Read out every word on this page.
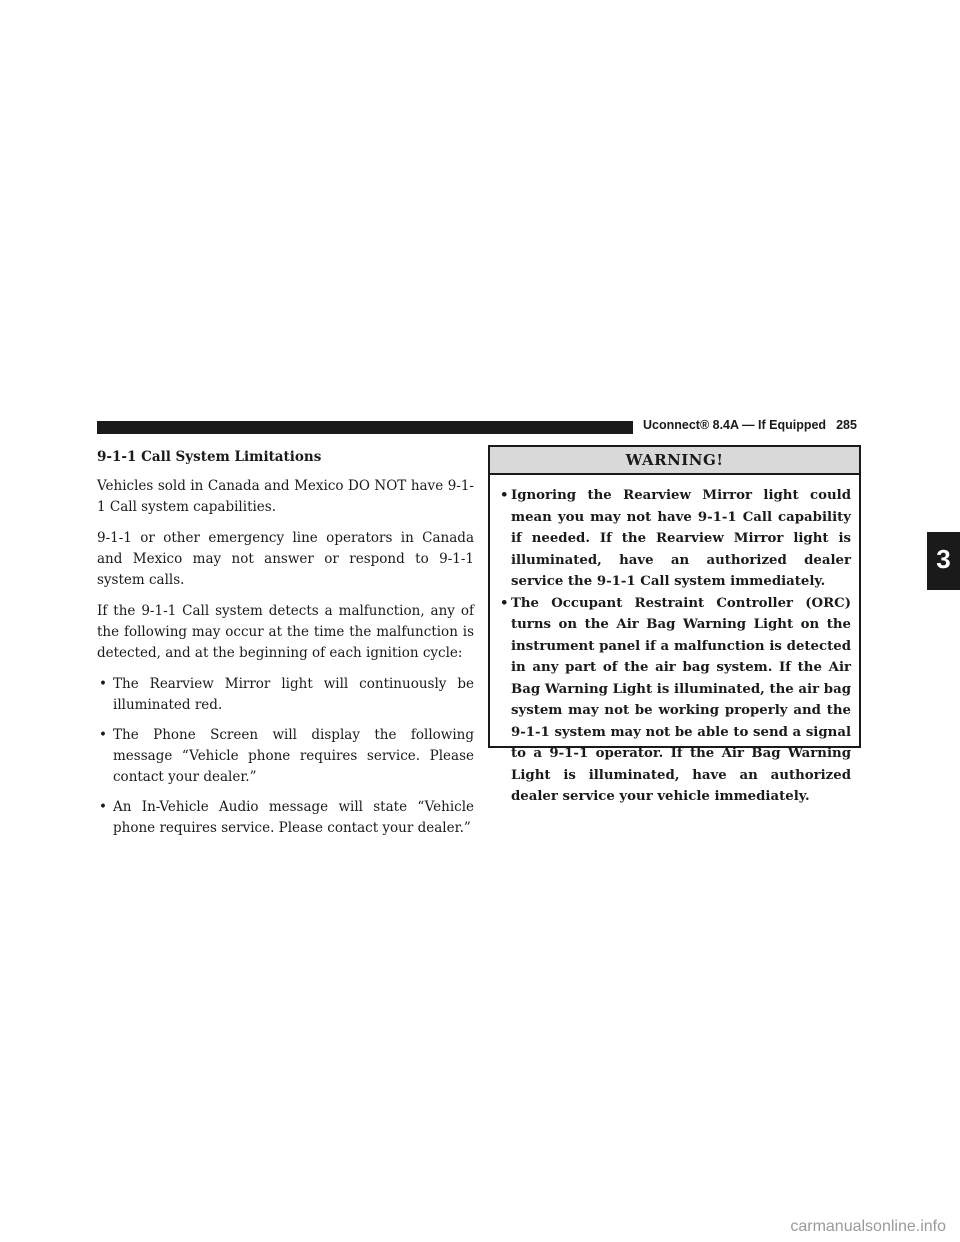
Uconnect® 8.4A — If Equipped 285
9-1-1 Call System Limitations

Vehicles sold in Canada and Mexico DO NOT have 9-1-1 Call system capabilities.

9-1-1 or other emergency line operators in Canada and Mexico may not answer or respond to 9-1-1 system calls.

If the 9-1-1 Call system detects a malfunction, any of the following may occur at the time the malfunction is detected, and at the beginning of each ignition cycle:

• The Rearview Mirror light will continuously be illuminated red.
• The Phone Screen will display the following message “Vehicle phone requires service. Please contact your dealer.”
• An In-Vehicle Audio message will state “Vehicle phone requires service. Please contact your dealer.”
WARNING!
• Ignoring the Rearview Mirror light could mean you may not have 9-1-1 Call capability if needed. If the Rearview Mirror light is illuminated, have an authorized dealer service the 9-1-1 Call system immediately.
• The Occupant Restraint Controller (ORC) turns on the Air Bag Warning Light on the instrument panel if a malfunction is detected in any part of the air bag system. If the Air Bag Warning Light is illuminated, the air bag system may not be working properly and the 9-1-1 system may not be able to send a signal to a 9-1-1 operator. If the Air Bag Warning Light is illuminated, have an authorized dealer service your vehicle immediately.
3
carmanualsonline.info
